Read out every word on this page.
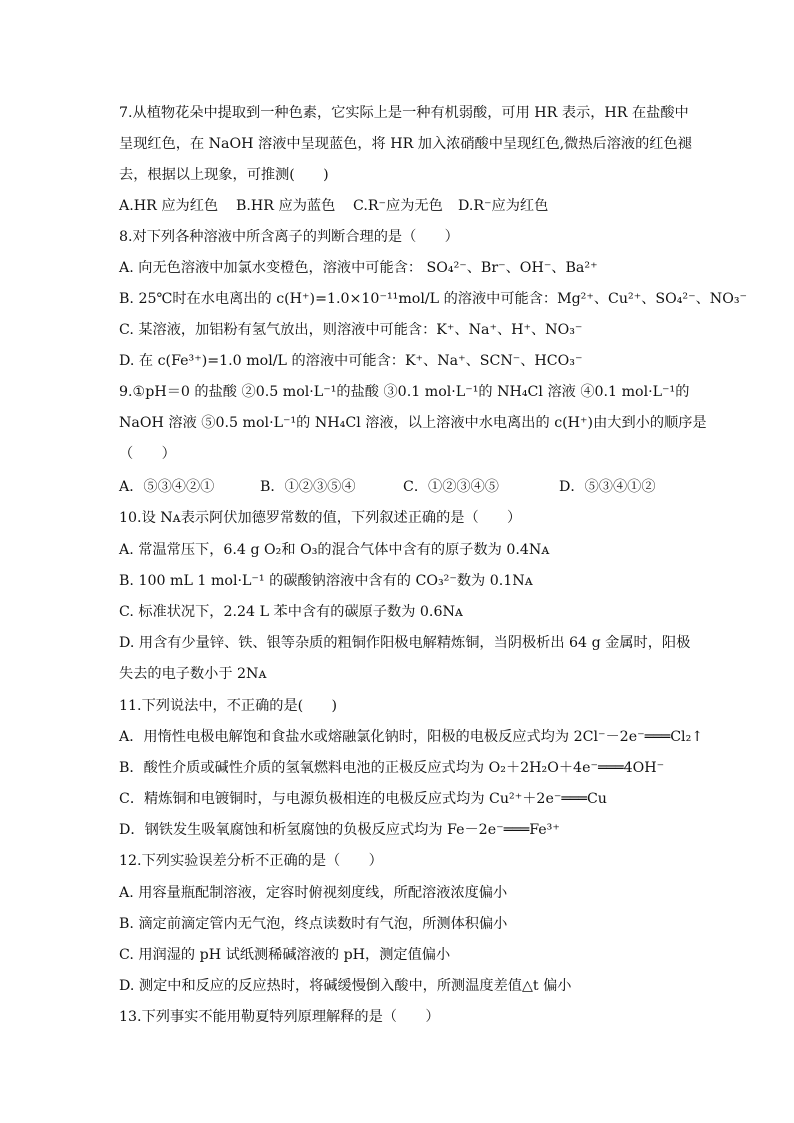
7.从植物花朵中提取到一种色素，它实际上是一种有机弱酸，可用 HR 表示，HR 在盐酸中
呈现红色，在 NaOH 溶液中呈现蓝色，将 HR 加入浓硝酸中呈现红色,微热后溶液的红色褪
去，根据以上现象，可推测(　　)
A.HR 应为红色 B.HR 应为蓝色 C.R⁻应为无色 D.R⁻应为红色
8.对下列各种溶液中所含离子的判断合理的是（　　）
A. 向无色溶液中加氯水变橙色，溶液中可能含： SO₄²⁻、Br⁻、OH⁻、Ba²⁺
B. 25℃时在水电离出的 c(H⁺)=1.0×10⁻¹¹mol/L 的溶液中可能含：Mg²⁺、Cu²⁺、SO₄²⁻、NO₃⁻
C. 某溶液，加铝粉有氢气放出，则溶液中可能含：K⁺、Na⁺、H⁺、NO₃⁻
D. 在 c(Fe³⁺)=1.0 mol/L 的溶液中可能含：K⁺、Na⁺、SCN⁻、HCO₃⁻
9.①pH＝0 的盐酸 ②0.5 mol·L⁻¹的盐酸 ③0.1 mol·L⁻¹的 NH₄Cl 溶液 ④0.1 mol·L⁻¹的
NaOH 溶液 ⑤0.5 mol·L⁻¹的 NH₄Cl 溶液，以上溶液中水电离出的 c(H⁺)由大到小的顺序是
（　　）
A．⑤③④②①	B．①②③⑤④	C．①②③④⑤	D．⑤③④①②
10.设 Nᴀ表示阿伏加德罗常数的值，下列叙述正确的是（　　）
A. 常温常压下，6.4 g O₂和 O₃的混合气体中含有的原子数为 0.4Nᴀ
B. 100 mL 1 mol·L⁻¹ 的碳酸钠溶液中含有的 CO₃²⁻数为 0.1Nᴀ
C. 标准状况下，2.24 L 苯中含有的碳原子数为 0.6Nᴀ
D. 用含有少量锌、铁、银等杂质的粗铜作阳极电解精炼铜，当阴极析出 64 g 金属时，阳极
失去的电子数小于 2Nᴀ
11.下列说法中，不正确的是(　　)
A．用惰性电极电解饱和食盐水或熔融氯化钠时，阳极的电极反应式均为 2Cl⁻－2e⁻═══Cl₂↑
B．酸性介质或碱性介质的氢氧燃料电池的正极反应式均为 O₂＋2H₂O＋4e⁻═══4OH⁻
C．精炼铜和电镀铜时，与电源负极相连的电极反应式均为 Cu²⁺＋2e⁻═══Cu
D．钢铁发生吸氧腐蚀和析氢腐蚀的负极反应式均为 Fe－2e⁻═══Fe³⁺
12.下列实验误差分析不正确的是（　　）
A. 用容量瓶配制溶液，定容时俯视刻度线，所配溶液浓度偏小
B. 滴定前滴定管内无气泡，终点读数时有气泡，所测体积偏小
C. 用润湿的 pH 试纸测稀碱溶液的 pH，测定值偏小
D. 测定中和反应的反应热时，将碱缓慢倒入酸中，所测温度差值△t 偏小
13.下列事实不能用勒夏特列原理解释的是（　　）
